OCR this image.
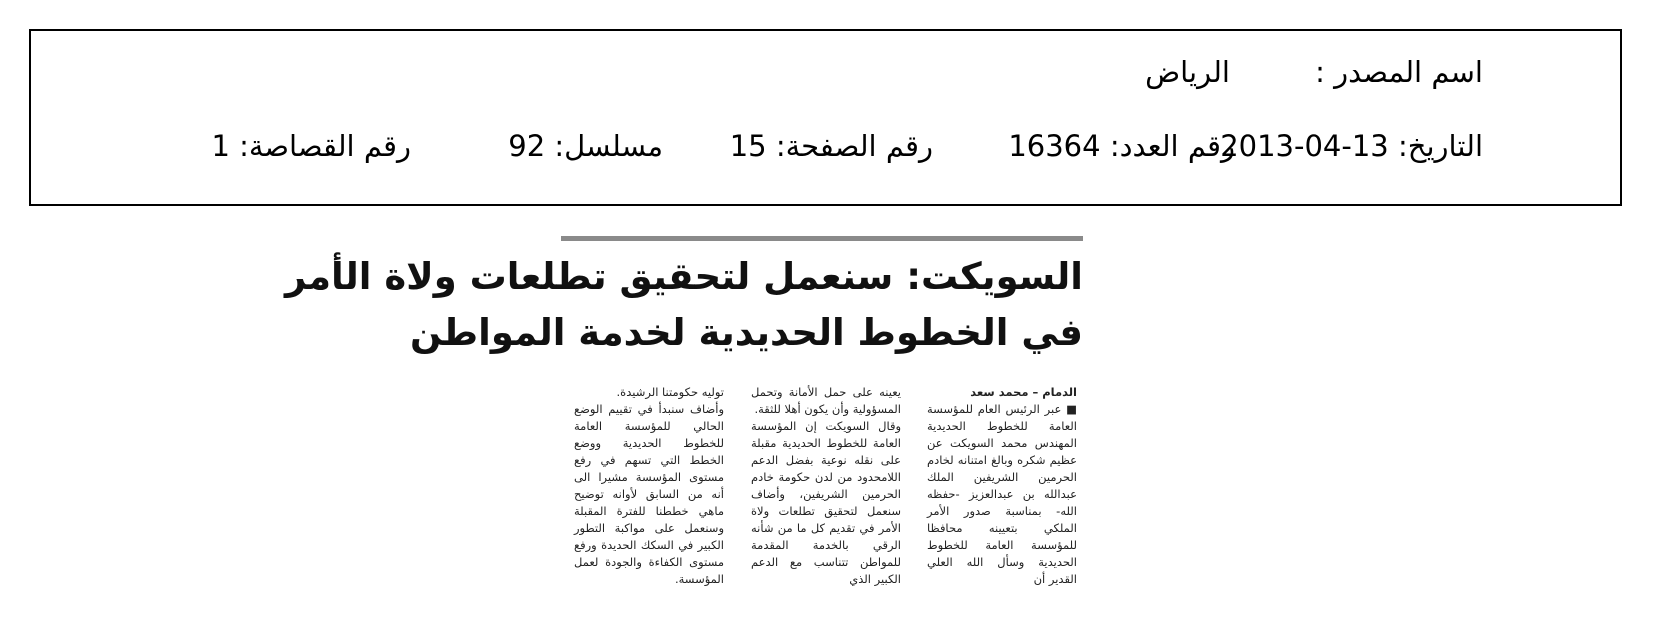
اسم المصدر :
الرياض
التاريخ: 2013-04-13
رقم العدد: 16364
رقم الصفحة: 15
مسلسل: 92
رقم القصاصة: 1
السويكت: سنعمل لتحقيق تطلعات ولاة الأمر
في الخطوط الحديدية لخدمة المواطن
الدمام – محمد سعد
■ عبر الرئيس العام للمؤسسة العامة للخطوط الحديدية المهندس محمد السويكت عن عظيم شكره وبالغ امتنانه لخادم الحرمين الشريفين الملك عبدالله بن عبدالعزيز -حفظه الله- بمناسبة صدور الأمر الملكي بتعيينه محافظا للمؤسسة العامة للخطوط الحديدية وسأل الله العلي القدير أن
يعينه على حمل الأمانة وتحمل المسؤولية وأن يكون أهلا للثقة.
وقال السويكت إن المؤسسة العامة للخطوط الحديدية مقبلة على نقله نوعية بفضل الدعم اللامحدود من لدن حكومة خادم الحرمين الشريفين، وأضاف سنعمل لتحقيق تطلعات ولاة الأمر في تقديم كل ما من شأنه الرقي بالخدمة المقدمة للمواطن تتناسب مع الدعم الكبير الذي
توليه حكومتنا الرشيدة.
وأضاف سنبدأ في تقييم الوضع الحالي للمؤسسة العامة للخطوط الحديدية ووضع الخطط التي تسهم في رفع مستوى المؤسسة مشيرا الى أنه من السابق لأوانه توضيح ماهي خططنا للفترة المقبلة وسنعمل على مواكبة التطور الكبير في السكك الحديدة ورفع مستوى الكفاءة والجودة لعمل المؤسسة.
